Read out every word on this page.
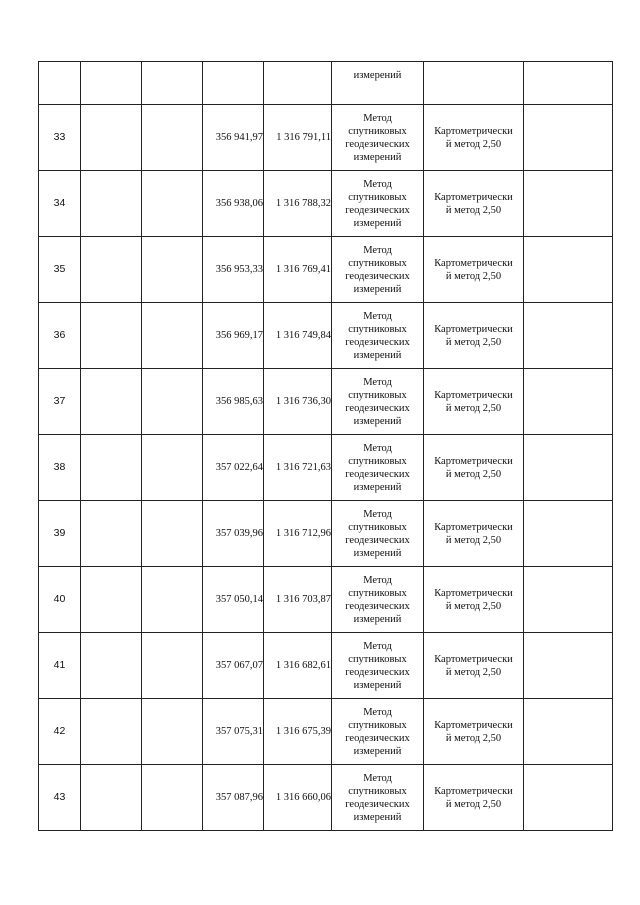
					измерений		
33			356 941,97	1 316 791,11	Метод
спутниковых
геодезических
измерений	Картометрически
й метод 2,50	
34			356 938,06	1 316 788,32	Метод
спутниковых
геодезических
измерений	Картометрически
й метод 2,50	
35			356 953,33	1 316 769,41	Метод
спутниковых
геодезических
измерений	Картометрически
й метод 2,50	
36			356 969,17	1 316 749,84	Метод
спутниковых
геодезических
измерений	Картометрически
й метод 2,50	
37			356 985,63	1 316 736,30	Метод
спутниковых
геодезических
измерений	Картометрически
й метод 2,50	
38			357 022,64	1 316 721,63	Метод
спутниковых
геодезических
измерений	Картометрически
й метод 2,50	
39			357 039,96	1 316 712,96	Метод
спутниковых
геодезических
измерений	Картометрически
й метод 2,50	
40			357 050,14	1 316 703,87	Метод
спутниковых
геодезических
измерений	Картометрически
й метод 2,50	
41			357 067,07	1 316 682,61	Метод
спутниковых
геодезических
измерений	Картометрически
й метод 2,50	
42			357 075,31	1 316 675,39	Метод
спутниковых
геодезических
измерений	Картометрически
й метод 2,50	
43			357 087,96	1 316 660,06	Метод
спутниковых
геодезических
измерений	Картометрически
й метод 2,50	
